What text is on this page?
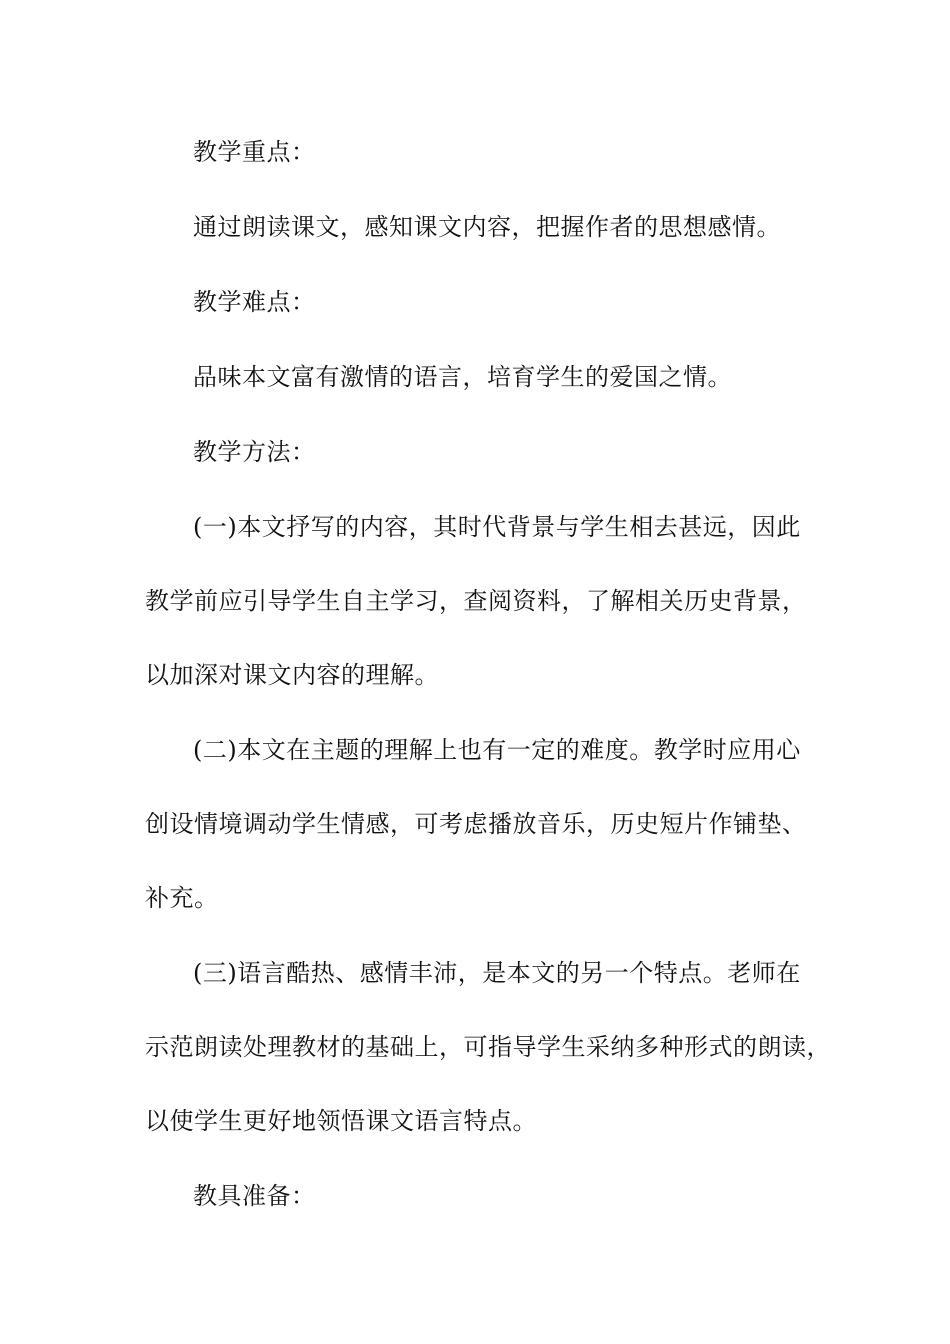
教学重点：
通过朗读课文，感知课文内容，把握作者的思想感情。
教学难点：
品味本文富有激情的语言，培育学生的爱国之情。
教学方法：
(一)本文抒写的内容，其时代背景与学生相去甚远，因此
教学前应引导学生自主学习，查阅资料，了解相关历史背景，
以加深对课文内容的理解。
(二)本文在主题的理解上也有一定的难度。教学时应用心
创设情境调动学生情感，可考虑播放音乐，历史短片作铺垫、
补充。
(三)语言酷热、感情丰沛，是本文的另一个特点。老师在
示范朗读处理教材的基础上，可指导学生采纳多种形式的朗读，
以使学生更好地领悟课文语言特点。
教具准备：
